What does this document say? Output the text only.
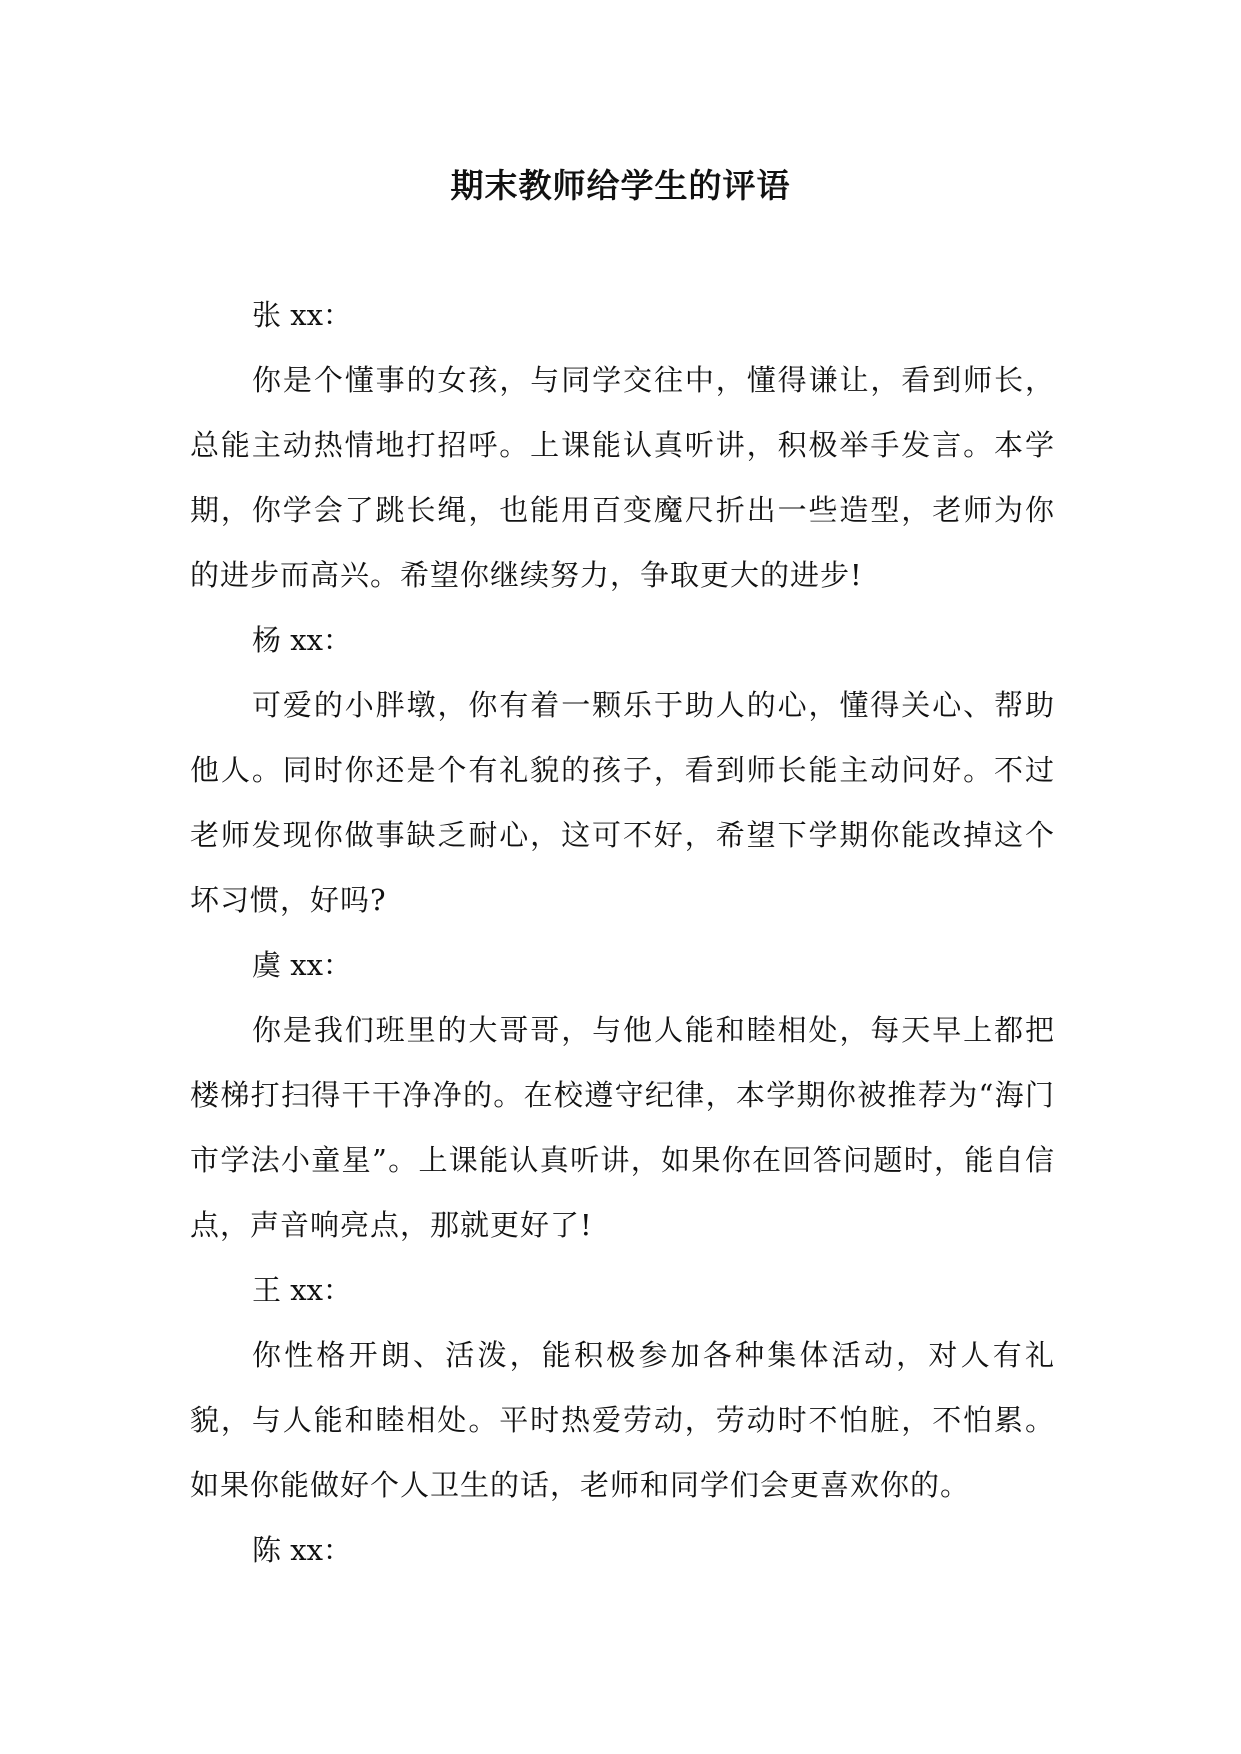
期末教师给学生的评语

张 xx：

你是个懂事的女孩，与同学交往中，懂得谦让，看到师长，总能主动热情地打招呼。上课能认真听讲，积极举手发言。本学期，你学会了跳长绳，也能用百变魔尺折出一些造型，老师为你的进步而高兴。希望你继续努力，争取更大的进步!

杨 xx：

可爱的小胖墩，你有着一颗乐于助人的心，懂得关心、帮助他人。同时你还是个有礼貌的孩子，看到师长能主动问好。不过老师发现你做事缺乏耐心，这可不好，希望下学期你能改掉这个坏习惯，好吗?

虞 xx：

你是我们班里的大哥哥，与他人能和睦相处，每天早上都把楼梯打扫得干干净净的。在校遵守纪律，本学期你被推荐为“海门市学法小童星”。上课能认真听讲，如果你在回答问题时，能自信点，声音响亮点，那就更好了!

王 xx：

你性格开朗、活泼，能积极参加各种集体活动，对人有礼貌，与人能和睦相处。平时热爱劳动，劳动时不怕脏，不怕累。如果你能做好个人卫生的话，老师和同学们会更喜欢你的。

陈 xx：
